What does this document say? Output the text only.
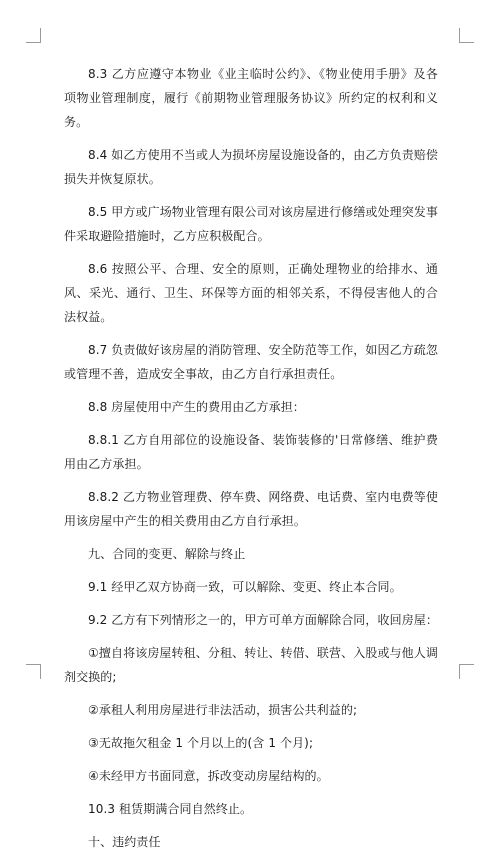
8.3 乙方应遵守本物业《业主临时公约》、《物业使用手册》及各项物业管理制度，履行《前期物业管理服务协议》所约定的权利和义务。

8.4 如乙方使用不当或人为损坏房屋设施设备的，由乙方负责赔偿损失并恢复原状。

8.5 甲方或广场物业管理有限公司对该房屋进行修缮或处理突发事件采取避险措施时，乙方应积极配合。

8.6 按照公平、合理、安全的原则，正确处理物业的给排水、通风、采光、通行、卫生、环保等方面的相邻关系，不得侵害他人的合法权益。

8.7 负责做好该房屋的消防管理、安全防范等工作，如因乙方疏忽或管理不善，造成安全事故，由乙方自行承担责任。

8.8 房屋使用中产生的费用由乙方承担：

8.8.1 乙方自用部位的设施设备、装饰装修的'日常修缮、维护费用由乙方承担。

8.8.2 乙方物业管理费、停车费、网络费、电话费、室内电费等使用该房屋中产生的相关费用由乙方自行承担。

九、合同的变更、解除与终止

9.1 经甲乙双方协商一致，可以解除、变更、终止本合同。

9.2 乙方有下列情形之一的，甲方可单方面解除合同，收回房屋：

①擅自将该房屋转租、分租、转让、转借、联营、入股或与他人调剂交换的;

②承租人利用房屋进行非法活动，损害公共利益的;

③无故拖欠租金 1 个月以上的(含 1 个月);

④未经甲方书面同意，拆改变动房屋结构的。

10.3 租赁期满合同自然终止。

十、违约责任
